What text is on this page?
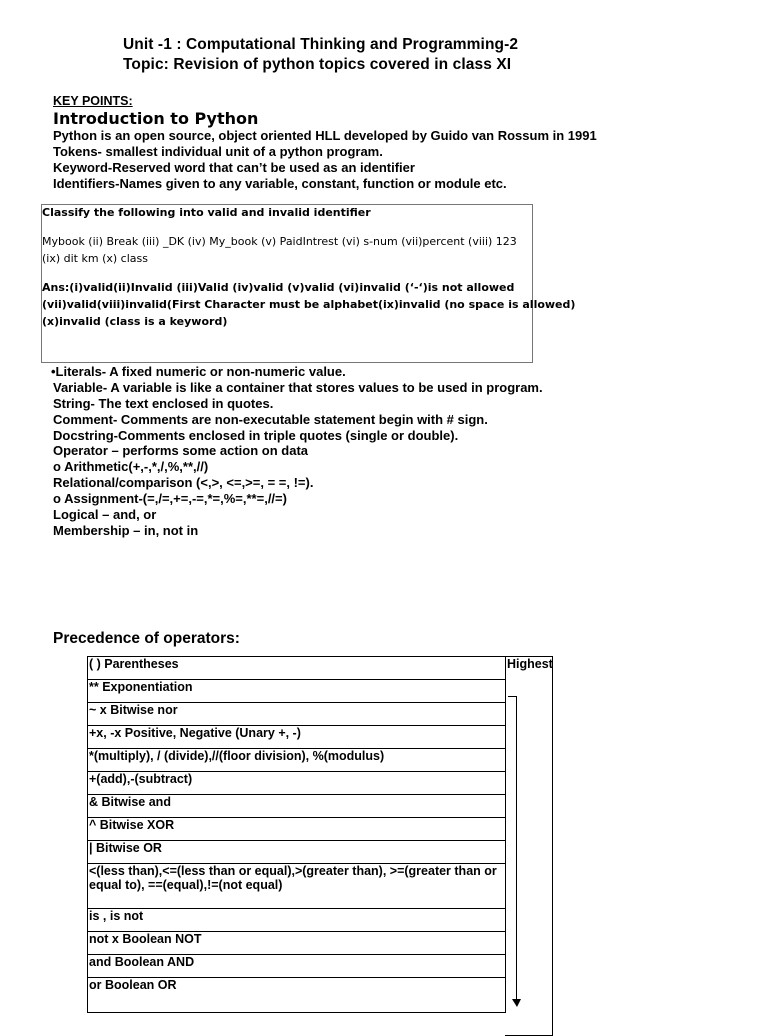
Unit -1 : Computational Thinking and Programming-2
Topic: Revision of python topics covered in class XI
KEY POINTS:
Introduction to Python
Python is an open source, object oriented HLL developed by Guido van Rossum in 1991
Tokens- smallest individual unit of a python program.
Keyword-Reserved word that can’t be used as an identifier
Identifiers-Names given to any variable, constant, function or module etc.
Classify the following into valid and invalid identifier
Mybook (ii) Break (iii) _DK (iv) My_book (v) PaidIntrest (vi) s-num (vii)percent (viii) 123
(ix) dit km (x) class
Ans:(i)valid(ii)Invalid (iii)Valid (iv)valid (v)valid (vi)invalid (‘-‘)is not allowed
(vii)valid(viii)invalid(First Character must be alphabet(ix)invalid (no space is allowed)
(x)invalid (class is a keyword)
•Literals- A fixed numeric or non-numeric value.
Variable- A variable is like a container that stores values to be used in program.
String- The text enclosed in quotes.
Comment- Comments are non-executable statement begin with # sign.
Docstring-Comments enclosed in triple quotes (single or double).
Operator – performs some action on data
o Arithmetic(+,-,*,/,%,**,//)
Relational/comparison (<,>, <=,>=, = =, !=).
o Assignment-(=,/=,+=,-=,*=,%=,**=,//=)
Logical – and, or
Membership – in, not in
Precedence of operators:
( ) Parentheses
** Exponentiation
~ x Bitwise nor
+x, -x Positive, Negative (Unary +, -)
*(multiply), / (divide),//(floor division), %(modulus)
+(add),-(subtract)
& Bitwise and
^ Bitwise XOR
| Bitwise OR
<(less than),<=(less than or equal),>(greater than), >=(greater than or equal to), ==(equal),!=(not equal)
is , is not
not x Boolean NOT
and Boolean AND
or Boolean OR
Highest
